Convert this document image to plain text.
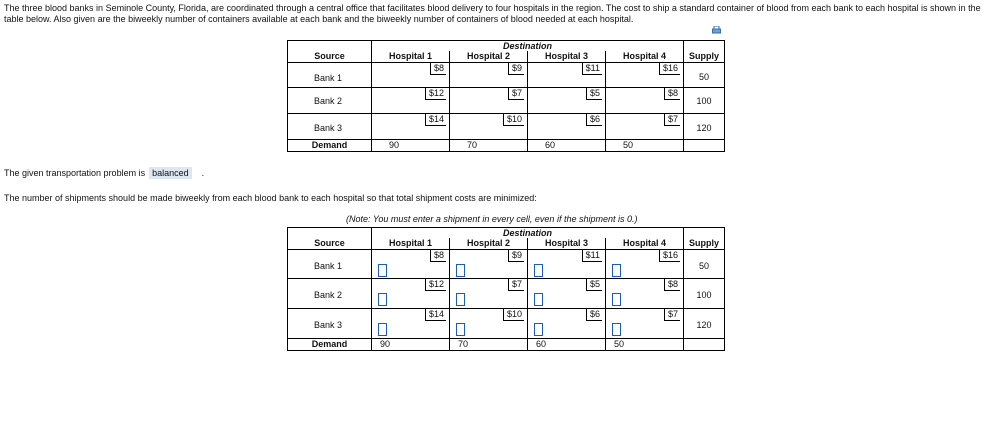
The three blood banks in Seminole County, Florida, are coordinated through a central office that facilitates blood delivery to four hospitals in the region. The cost to ship a standard container of blood from each bank to each hospital is shown in the table below. Also given are the biweekly number of containers available at each bank and the biweekly number of containers of blood needed at each hospital.
	Destination				
Source	Hospital 1	Hospital 2	Hospital 3	Hospital 4	Supply

Bank 1	$8	$9	$11	$16	50

Bank 2	$12	$7	$5	$8	100

Bank 3	$14	$10	$6	$7	120

Demand	90	70	60	50	

The given transportation problem is balanced .
The number of shipments should be made biweekly from each blood bank to each hospital so that total shipment costs are minimized:
(Note: You must enter a shipment in every cell, even if the shipment is 0.)
	Destination				
Source	Hospital 1	Hospital 2	Hospital 3	Hospital 4	Supply

Bank 1	$8	$9	$11	$16	50

Bank 2	$12	$7	$5	$8	100

Bank 3	$14	$10	$6	$7	120

Demand	90	70	60	50	
